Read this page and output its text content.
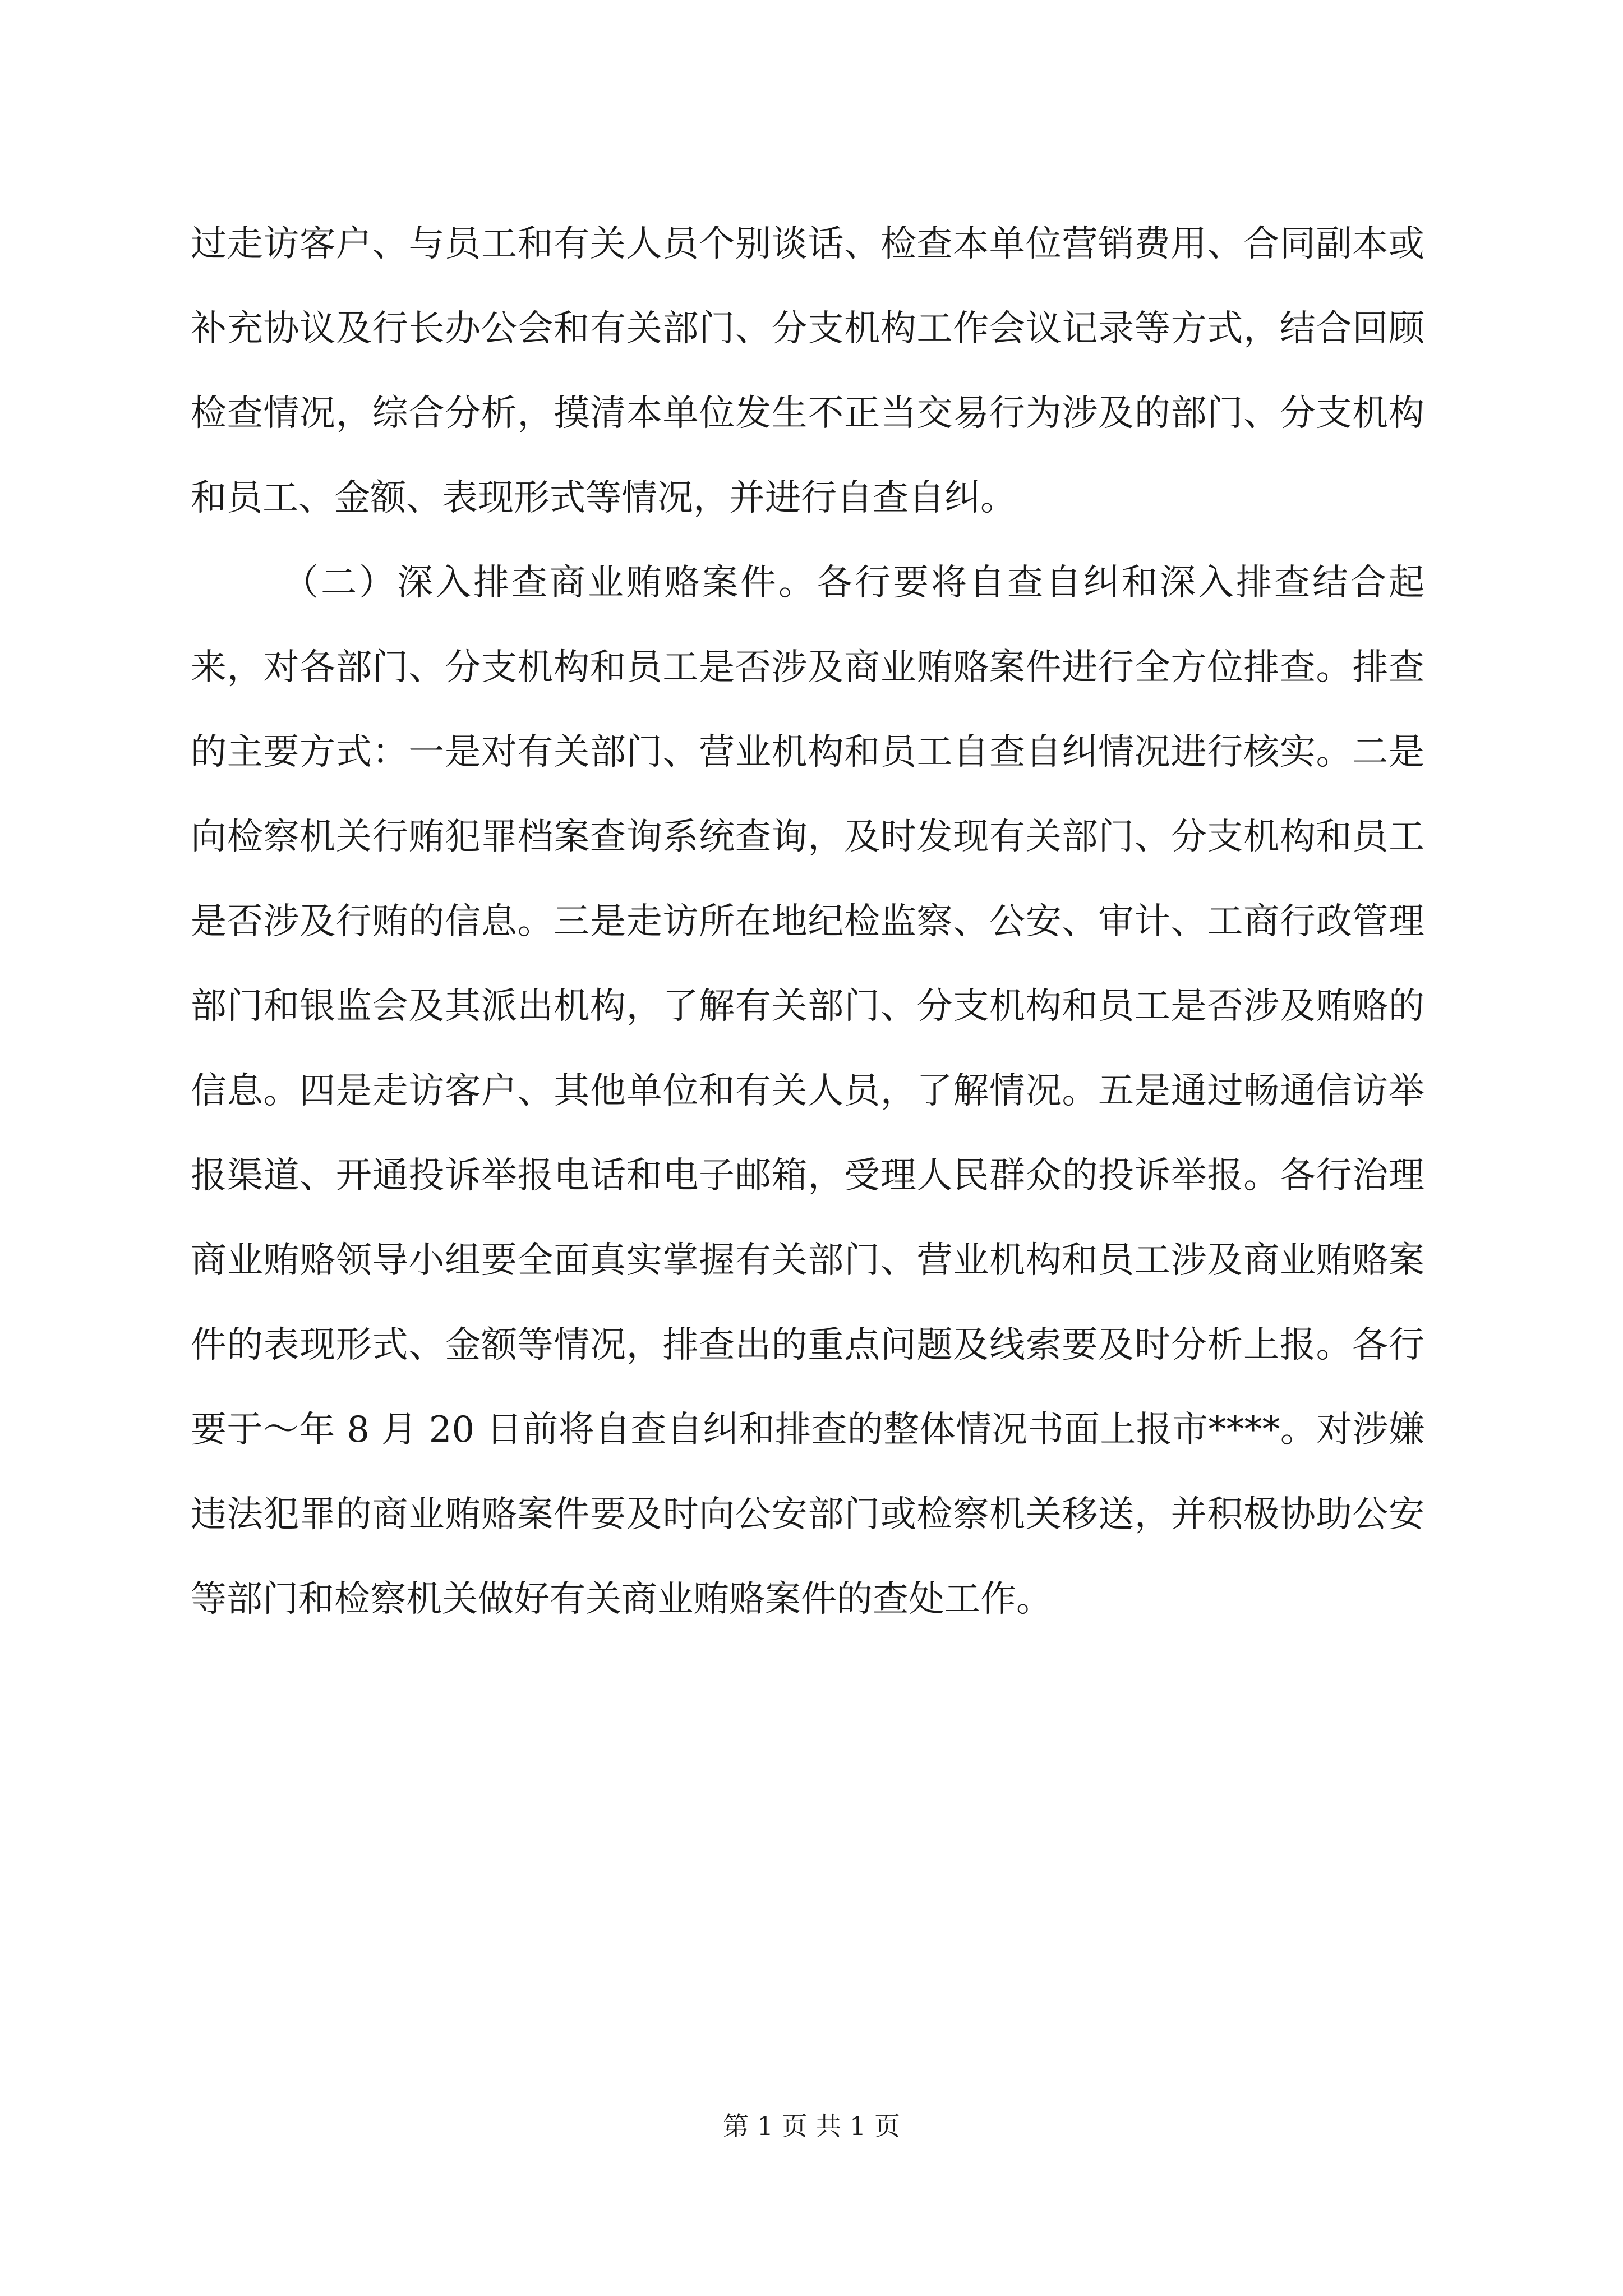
过走访客户、与员工和有关人员个别谈话、检查本单位营销费用、合同副本或补充协议及行长办公会和有关部门、分支机构工作会议记录等方式，结合回顾检查情况，综合分析，摸清本单位发生不正当交易行为涉及的部门、分支机构和员工、金额、表现形式等情况，并进行自查自纠。

（二）深入排查商业贿赂案件。各行要将自查自纠和深入排查结合起来，对各部门、分支机构和员工是否涉及商业贿赂案件进行全方位排查。排查的主要方式：一是对有关部门、营业机构和员工自查自纠情况进行核实。二是向检察机关行贿犯罪档案查询系统查询，及时发现有关部门、分支机构和员工是否涉及行贿的信息。三是走访所在地纪检监察、公安、审计、工商行政管理部门和银监会及其派出机构，了解有关部门、分支机构和员工是否涉及贿赂的信息。四是走访客户、其他单位和有关人员，了解情况。五是通过畅通信访举报渠道、开通投诉举报电话和电子邮箱，受理人民群众的投诉举报。各行治理商业贿赂领导小组要全面真实掌握有关部门、营业机构和员工涉及商业贿赂案件的表现形式、金额等情况，排查出的重点问题及线索要及时分析上报。各行要于～年 8 月 20 日前将自查自纠和排查的整体情况书面上报市****。对涉嫌违法犯罪的商业贿赂案件要及时向公安部门或检察机关移送，并积极协助公安等部门和检察机关做好有关商业贿赂案件的查处工作。

第 1 页 共 1 页
